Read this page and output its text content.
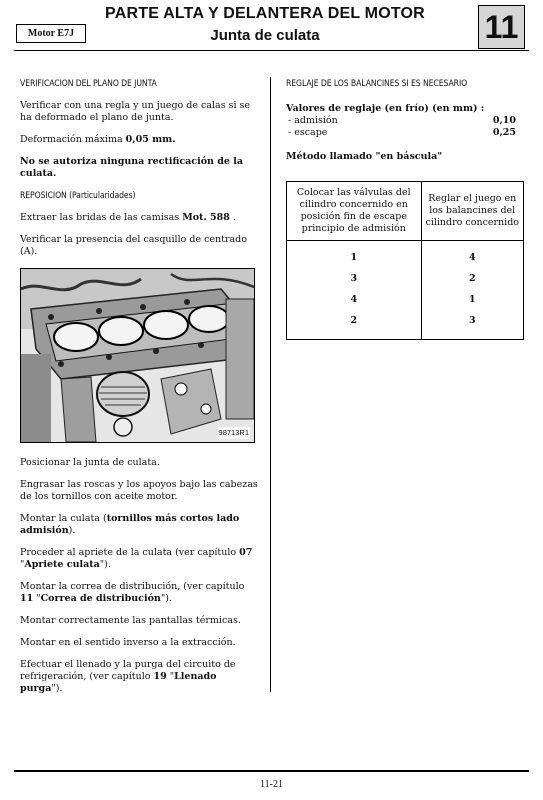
Motor E7J
PARTE ALTA Y DELANTERA DEL MOTOR
Junta de culata	11

VERIFICACION DEL PLANO DE JUNTA

Verificar con una regla y un juego de calas si se ha deformado el plano de junta.

Deformación máxima 0,05 mm.

No se autoriza ninguna rectificación de la culata.

REPOSICION (Particularidades)

Extraer las bridas de las camisas Mot. 588 .

Verificar la presencia del casquillo de centrado (A).

98713R1

Posicionar la junta de culata.

Engrasar las roscas y los apoyos bajo las cabezas de los tornillos con aceite motor.

Montar la culata (tornillos más cortos lado admisión).

Proceder al apriete de la culata (ver capítulo 07 "Apriete culata").

Montar la correa de distribución, (ver capítulo 11 "Correa de distribución").

Montar correctamente las pantallas térmicas.

Montar en el sentido inverso a la extracción.

Efectuar el llenado y la purga del circuito de refrigeración, (ver capítulo 19 "Llenado purga").

REGLAJE DE LOS BALANCINES SI ES NECESARIO

Valores de reglaje (en frío) (en mm) :
- admisión	0,10
- escape	0,25
Método llamado "en báscula"
Colocar las válvulas del cilindro concernido en posición fin de escape principio de admisión	Reglar el juego en los balancines del cilindro concernido
1	4
3	2
4	1
2	3
11-21
